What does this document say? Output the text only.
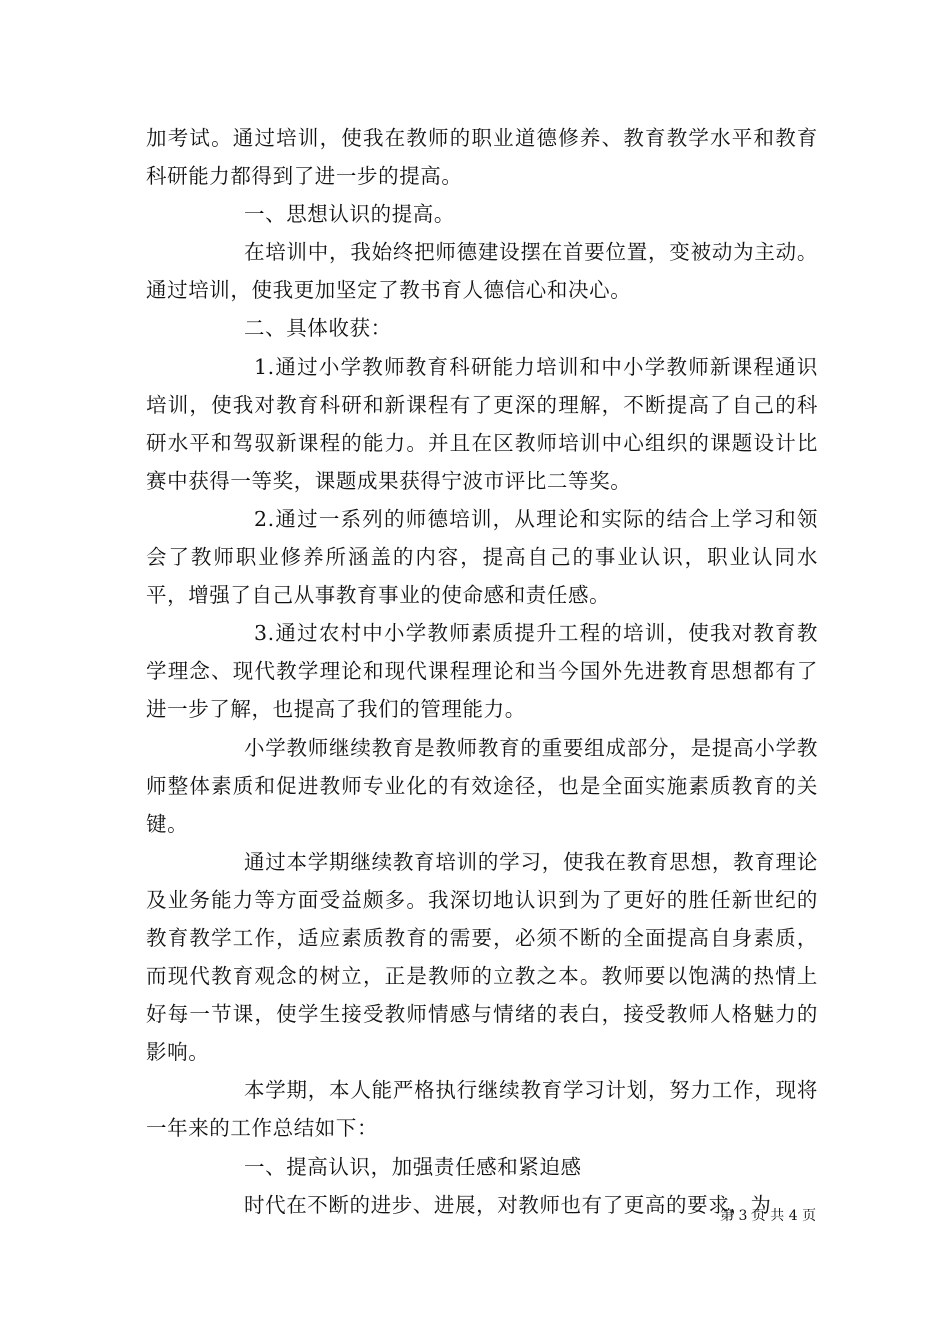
加考试。通过培训，使我在教师的职业道德修养、教育教学水平和教育科研能力都得到了进一步的提高。

一、思想认识的提高。

在培训中，我始终把师德建设摆在首要位置，变被动为主动。通过培训，使我更加坚定了教书育人德信心和决心。

二、具体收获：

1.通过小学教师教育科研能力培训和中小学教师新课程通识培训，使我对教育科研和新课程有了更深的理解，不断提高了自己的科研水平和驾驭新课程的能力。并且在区教师培训中心组织的课题设计比赛中获得一等奖，课题成果获得宁波市评比二等奖。

2.通过一系列的师德培训，从理论和实际的结合上学习和领会了教师职业修养所涵盖的内容，提高自己的事业认识，职业认同水平，增强了自己从事教育事业的使命感和责任感。

3.通过农村中小学教师素质提升工程的培训，使我对教育教学理念、现代教学理论和现代课程理论和当今国外先进教育思想都有了进一步了解，也提高了我们的管理能力。

小学教师继续教育是教师教育的重要组成部分，是提高小学教师整体素质和促进教师专业化的有效途径，也是全面实施素质教育的关键。

通过本学期继续教育培训的学习，使我在教育思想，教育理论及业务能力等方面受益颇多。我深切地认识到为了更好的胜任新世纪的教育教学工作，适应素质教育的需要，必须不断的全面提高自身素质，而现代教育观念的树立，正是教师的立教之本。教师要以饱满的热情上好每一节课，使学生接受教师情感与情绪的表白，接受教师人格魅力的影响。

本学期，本人能严格执行继续教育学习计划，努力工作，现将一年来的工作总结如下：

一、提高认识，加强责任感和紧迫感

时代在不断的进步、进展，对教师也有了更高的要求，为

第 3 页 共 4 页
